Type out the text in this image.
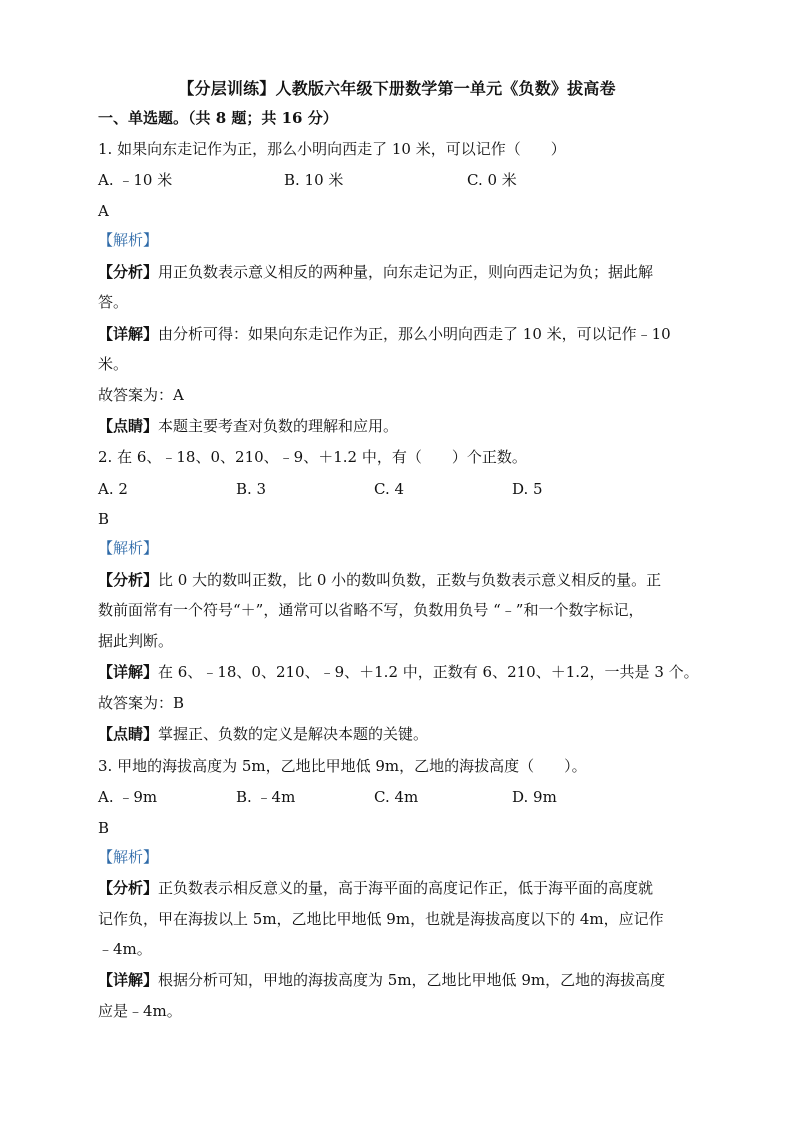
【分层训练】人教版六年级下册数学第一单元《负数》拔高卷
一、单选题。（共 8 题；共 16 分）
1. 如果向东走记作为正，那么小明向西走了 10 米，可以记作（　　）
A. ﹣10 米	B. 10 米	C. 0 米
A
【解析】
【分析】用正负数表示意义相反的两种量，向东走记为正，则向西走记为负；据此解
答。
【详解】由分析可得：如果向东走记作为正，那么小明向西走了 10 米，可以记作﹣10
米。
故答案为：A
【点睛】本题主要考查对负数的理解和应用。
2. 在 6、﹣18、0、210、﹣9、＋1.2 中，有（　　）个正数。
A. 2	B. 3	C. 4	D. 5
B
【解析】
【分析】比 0 大的数叫正数，比 0 小的数叫负数，正数与负数表示意义相反的量。正
数前面常有一个符号“＋”，通常可以省略不写，负数用负号 “﹣”和一个数字标记，
据此判断。
【详解】在 6、﹣18、0、210、﹣9、＋1.2 中，正数有 6、210、＋1.2，一共是 3 个。
故答案为：B
【点睛】掌握正、负数的定义是解决本题的关键。
3. 甲地的海拔高度为 5m，乙地比甲地低 9m，乙地的海拔高度（　　）。
A. ﹣9m	B. ﹣4m	C. 4m	D. 9m
B
【解析】
【分析】正负数表示相反意义的量，高于海平面的高度记作正，低于海平面的高度就
记作负，甲在海拔以上 5m，乙地比甲地低 9m，也就是海拔高度以下的 4m，应记作
﹣4m。
【详解】根据分析可知，甲地的海拔高度为 5m，乙地比甲地低 9m，乙地的海拔高度
应是﹣4m。
